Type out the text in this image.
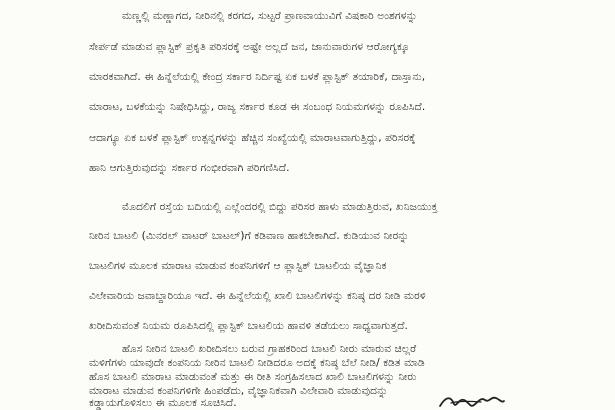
ಮಣ್ಣಲ್ಲಿ ಮಣ್ಣಾಗದ, ನೀರಿನಲ್ಲಿ ಕರಗದ, ಸುಟ್ಟರೆ ಪ್ರಾಣವಾಯುವಿಗೆ ವಿಷಕಾರಿ ಅಂಶಗಳನ್ನು
ಸೇರ್ಪಡೆ ಮಾಡುವ ಪ್ಲಾಸ್ಟಿಕ್ ಪ್ರಕೃತಿ ಪರಿಸರಕ್ಕೆ ಅಷ್ಟೇ ಅಲ್ಲದೆ ಜನ, ಜಾನುವಾರುಗಳ ಆರೋಗ್ಯಕ್ಕೂ
ಮಾರಕವಾಗಿದೆ. ಈ ಹಿನ್ನೆಲೆಯಲ್ಲಿ ಕೇಂದ್ರ ಸರ್ಕಾರ ನಿರ್ದಿಷ್ಟ ಏಕ ಬಳಕೆ ಪ್ಲಾಸ್ಟಿಕ್ ತಯಾರಿಕೆ, ದಾಸ್ತಾನು,
ಮಾರಾಟ, ಬಳಕೆಯನ್ನು ನಿಷೇಧಿಸಿದ್ದು, ರಾಜ್ಯ ಸರ್ಕಾರ ಕೂಡ ಈ ಸಂಬಂಧ ನಿಯಮಗಳನ್ನು ರೂಪಿಸಿದೆ.
ಆದಾಗ್ಯೂ ಏಕ ಬಳಕೆ ಪ್ಲಾಸ್ಟಿಕ್ ಉತ್ಪನ್ನಗಳನ್ನು ಹೆಚ್ಚಿನ ಸಂಖ್ಯೆಯಲ್ಲಿ ಮಾರಾಟವಾಗುತ್ತಿದ್ದು, ಪರಿಸರಕ್ಕೆ
ಹಾನಿ ಆಗುತ್ತಿರುವುದನ್ನು ಸರ್ಕಾರ ಗಂಭೀರವಾಗಿ ಪರಿಗಣಿಸಿದೆ.
ಮೊದಲಿಗೆ ರಸ್ತೆಯ ಬದಿಯಲ್ಲಿ ಎಲ್ಲೆಂದರಲ್ಲಿ ಬಿದ್ದು ಪರಿಸರ ಹಾಳು ಮಾಡುತ್ತಿರುವ, ಖನಿಜಯುಕ್ತ
ನೀರಿನ ಬಾಟಲಿ (ಮಿನರಲ್ ವಾಟರ್ ಬಾಟಲ್)ಗೆ ಕಡಿವಾಣ ಹಾಕಬೇಕಾಗಿದೆ. ಕುಡಿಯುವ ನೀರನ್ನು
ಬಾಟಲಿಗಳ ಮೂಲಕ ಮಾರಾಟ ಮಾಡುವ ಕಂಪನಿಗಳಿಗೆ ಆ ಪ್ಲಾಸ್ಟಿಕ್ ಬಾಟಲಿಯ ವೈಜ್ಞಾನಿಕ
ವಿಲೇವಾರಿಯ ಜವಾಬ್ದಾರಿಯೂ ಇದೆ. ಈ ಹಿನ್ನೆಲೆಯಲ್ಲಿ ಖಾಲಿ ಬಾಟಲಿಗಳನ್ನು ಕನಿಷ್ಠ ದರ ನೀಡಿ ಮರಳಿ
ಖರೀದಿಸುವಂತೆ ನಿಯಮ ರೂಪಿಸಿದಲ್ಲಿ ಪ್ಲಾಸ್ಟಿಕ್ ಬಾಟಲಿಯ ಹಾವಳಿ ತಡೆಯಲು ಸಾಧ್ಯವಾಗುತ್ತದೆ.
ಹೊಸ ನೀರಿನ ಬಾಟಲಿ ಖರೀದಿಸಲು ಬರುವ ಗ್ರಾಹಕರಿಂದ ಬಾಟಲಿ ನೀರು ಮಾರುವ ಚಿಲ್ಲರೆ
ಮಳಿಗೆಗಳು ಯಾವುದೇ ಕಂಪನಿಯ ನೀರಿನ ಬಾಟಲಿ ನೀಡಿದರೂ ಅದಕ್ಕೆ ಕನಿಷ್ಠ ಬೆಲೆ ನೀಡಿ/ ಕಡಿತ ಮಾಡಿ
ಹೊಸ ಬಾಟಲಿ ಮಾರಾಟ ಮಾಡುವಂತೆ ಮತ್ತು ಈ ರೀತಿ ಸಂಗ್ರಹಿಸಲಾದ ಖಾಲಿ ಬಾಟಲಿಗಳನ್ನು ನೀರು
ಮಾರಾಟ ಮಾಡುವ ಕಂಪನಿಗಳಿಗೇ ಹಿಂಪಡೆದು, ವೈಜ್ಞಾನಿಕವಾಗಿ ವಿಲೇವಾರಿ ಮಾಡುವುದನ್ನು
ಕಡ್ಡಾಯಗೊಳಿಸಲು ಈ ಮೂಲಕ ಸೂಚಿಸಿದೆ.
